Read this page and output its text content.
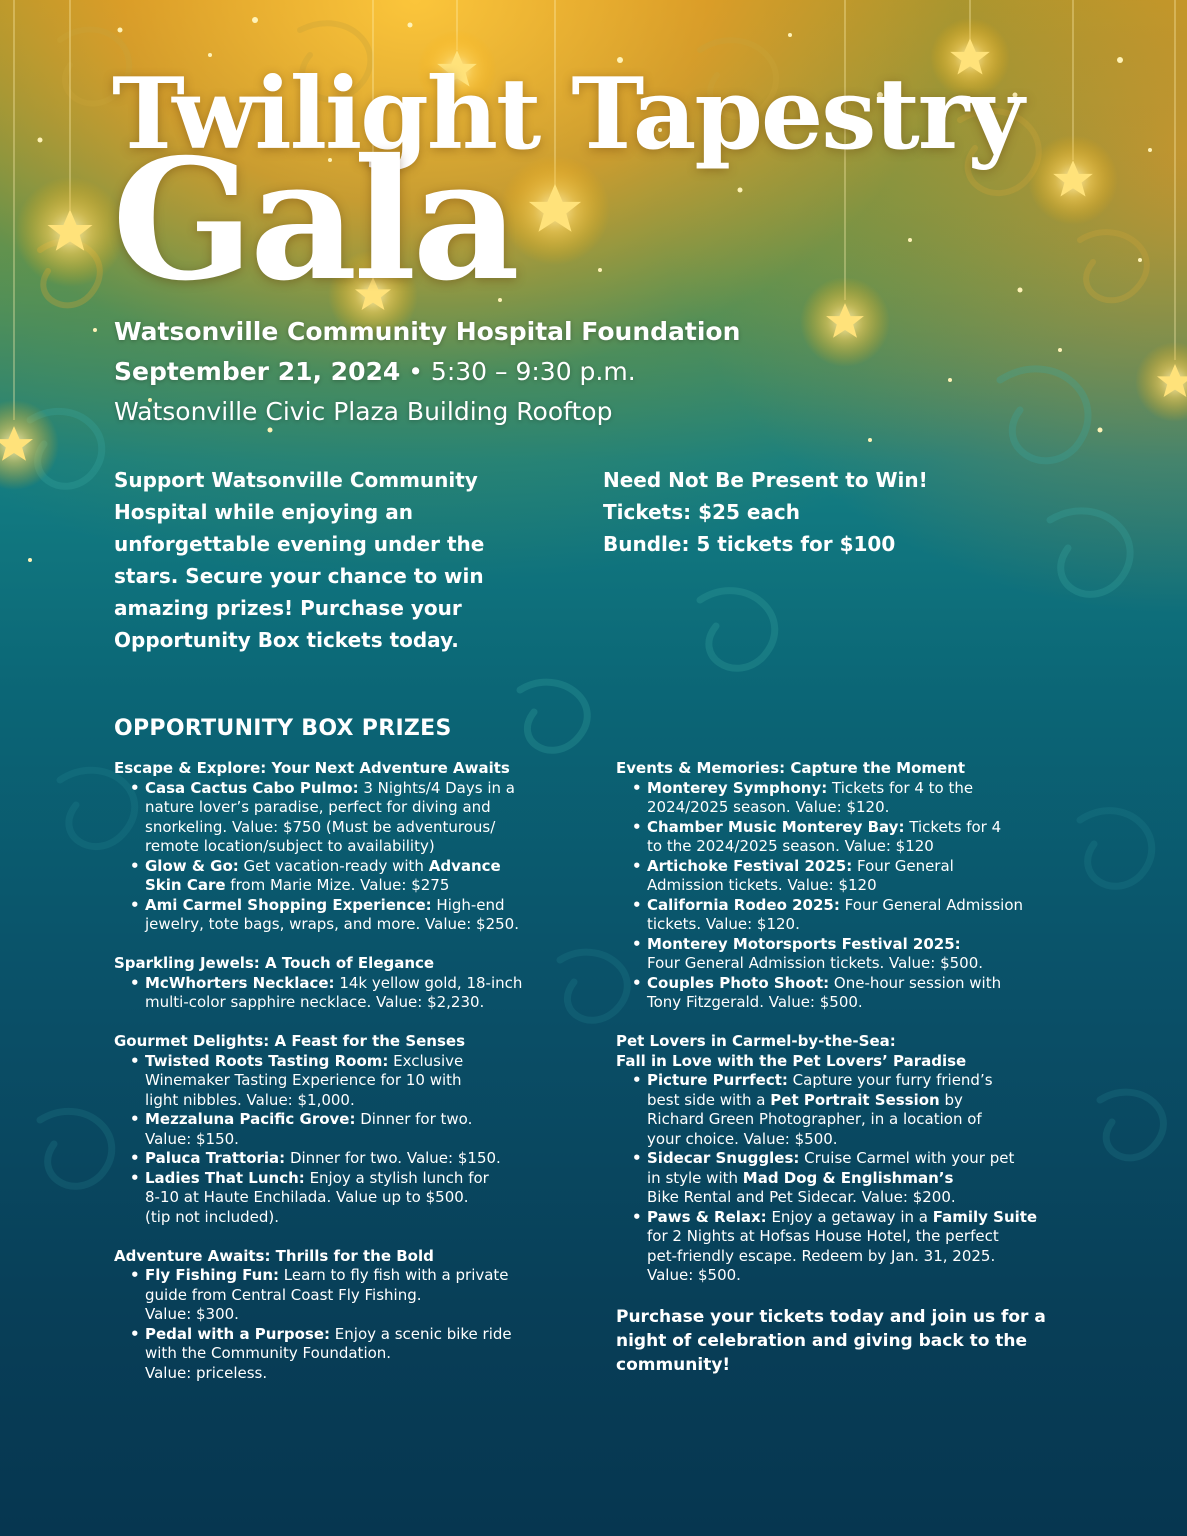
Twilight Tapestry
Gala
Watsonville Community Hospital Foundation
September 21, 2024 • 5:30 – 9:30 p.m.
Watsonville Civic Plaza Building Rooftop

Support Watsonville Community
Hospital while enjoying an
unforgettable evening under the
stars. Secure your chance to win
amazing prizes! Purchase your
Opportunity Box tickets today.

Need Not Be Present to Win!
Tickets: $25 each
Bundle: 5 tickets for $100
OPPORTUNITY BOX PRIZES
Escape & Explore: Your Next Adventure Awaits
• Casa Cactus Cabo Pulmo: 3 Nights/4 Days in a
nature lover’s paradise, perfect for diving and
snorkeling. Value: $750 (Must be adventurous/
remote location/subject to availability)
• Glow & Go: Get vacation-ready with Advance
Skin Care from Marie Mize. Value: $275
• Ami Carmel Shopping Experience: High-end
jewelry, tote bags, wraps, and more. Value: $250.
Sparkling Jewels: A Touch of Elegance
• McWhorters Necklace: 14k yellow gold, 18-inch
multi-color sapphire necklace. Value: $2,230.
Gourmet Delights: A Feast for the Senses
• Twisted Roots Tasting Room: Exclusive
Winemaker Tasting Experience for 10 with
light nibbles. Value: $1,000.
• Mezzaluna Pacific Grove: Dinner for two.
Value: $150.
• Paluca Trattoria: Dinner for two. Value: $150.
• Ladies That Lunch: Enjoy a stylish lunch for
8-10 at Haute Enchilada. Value up to $500.
(tip not included).
Adventure Awaits: Thrills for the Bold
• Fly Fishing Fun: Learn to fly fish with a private
guide from Central Coast Fly Fishing.
Value: $300.
• Pedal with a Purpose: Enjoy a scenic bike ride
with the Community Foundation.
Value: priceless.
Events & Memories: Capture the Moment
• Monterey Symphony: Tickets for 4 to the
2024/2025 season. Value: $120.
• Chamber Music Monterey Bay: Tickets for 4
to the 2024/2025 season. Value: $120
• Artichoke Festival 2025: Four General
Admission tickets. Value: $120
• California Rodeo 2025: Four General Admission
tickets. Value: $120.
• Monterey Motorsports Festival 2025:
Four General Admission tickets. Value: $500.
• Couples Photo Shoot: One-hour session with
Tony Fitzgerald. Value: $500.
Pet Lovers in Carmel-by-the-Sea:
Fall in Love with the Pet Lovers’ Paradise
• Picture Purrfect: Capture your furry friend’s
best side with a Pet Portrait Session by
Richard Green Photographer, in a location of
your choice. Value: $500.
• Sidecar Snuggles: Cruise Carmel with your pet
in style with Mad Dog & Englishman’s
Bike Rental and Pet Sidecar. Value: $200.
• Paws & Relax: Enjoy a getaway in a Family Suite
for 2 Nights at Hofsas House Hotel, the perfect
pet-friendly escape. Redeem by Jan. 31, 2025.
Value: $500.
Purchase your tickets today and join us for a
night of celebration and giving back to the
community!
